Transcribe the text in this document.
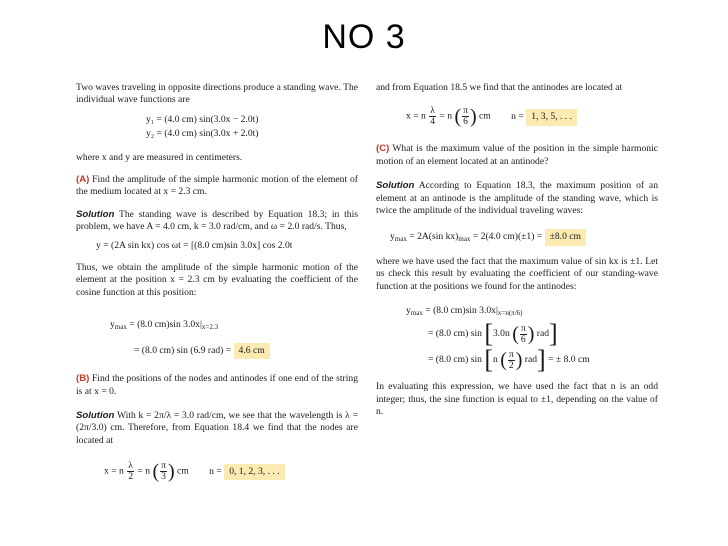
NO 3

Two waves traveling in opposite directions produce a standing wave. The individual wave functions are

y₁ = (4.0 cm) sin(3.0x − 2.0t)
y₂ = (4.0 cm) sin(3.0x + 2.0t)

where x and y are measured in centimeters.

(A) Find the amplitude of the simple harmonic motion of the element of the medium located at x = 2.3 cm.

Solution The standing wave is described by Equation 18.3; in this problem, we have A = 4.0 cm, k = 3.0 rad/cm, and ω = 2.0 rad/s. Thus,

y = (2A sin kx) cos ωt = [(8.0 cm)sin 3.0x] cos 2.0t

Thus, we obtain the amplitude of the simple harmonic motion of the element at the position x = 2.3 cm by evaluating the coefficient of the cosine function at this position:

$y_{max} = (8.0$ cm)sin $3.0x|_{x=2.3}$
= (8.0 cm) sin (6.9 rad) = 4.6 cm

(B) Find the positions of the nodes and antinodes if one end of the string is at x = 0.

Solution With k = 2π/λ = 3.0 rad/cm, we see that the wavelength is λ = (2π/3.0) cm. Therefore, from Equation 18.4 we find that the nodes are located at

x = n $\frac{\lambda}{2} = n$ ( $\frac{\pi}{3}$ ) cm n = 0, 1, 2, 3, . . .

and from Equation 18.5 we find that the antinodes are located at

x = n $\frac{\lambda}{4} = n$ ( $\frac{\pi}{6}$ ) cm n = 1, 3, 5, . . .

(C) What is the maximum value of the position in the simple harmonic motion of an element located at an antinode?

Solution According to Equation 18.3, the maximum position of an element at an antinode is the amplitude of the standing wave, which is twice the amplitude of the individual traveling waves:

$y_{max} = 2A(\sin$ $kx)_{max} = 2(4.0$ cm)(±1) = ±8.0 cm

where we have used the fact that the maximum value of sin kx is ±1. Let us check this result by evaluating the coefficient of our standing-wave function at the positions we found for the antinodes:

$y_{max} = (8.0$ cm)sin $3.0x|_{x=n(\pi/6)}$
= (8.0 cm) sin [3.0n ( $\frac{\pi}{6}$ ) rad]
= (8.0 cm) sin [n ( $\frac{\pi}{2}$ ) rad] = ± 8.0 cm

In evaluating this expression, we have used the fact that n is an odd integer; thus, the sine function is equal to ±1, depending on the value of n.
